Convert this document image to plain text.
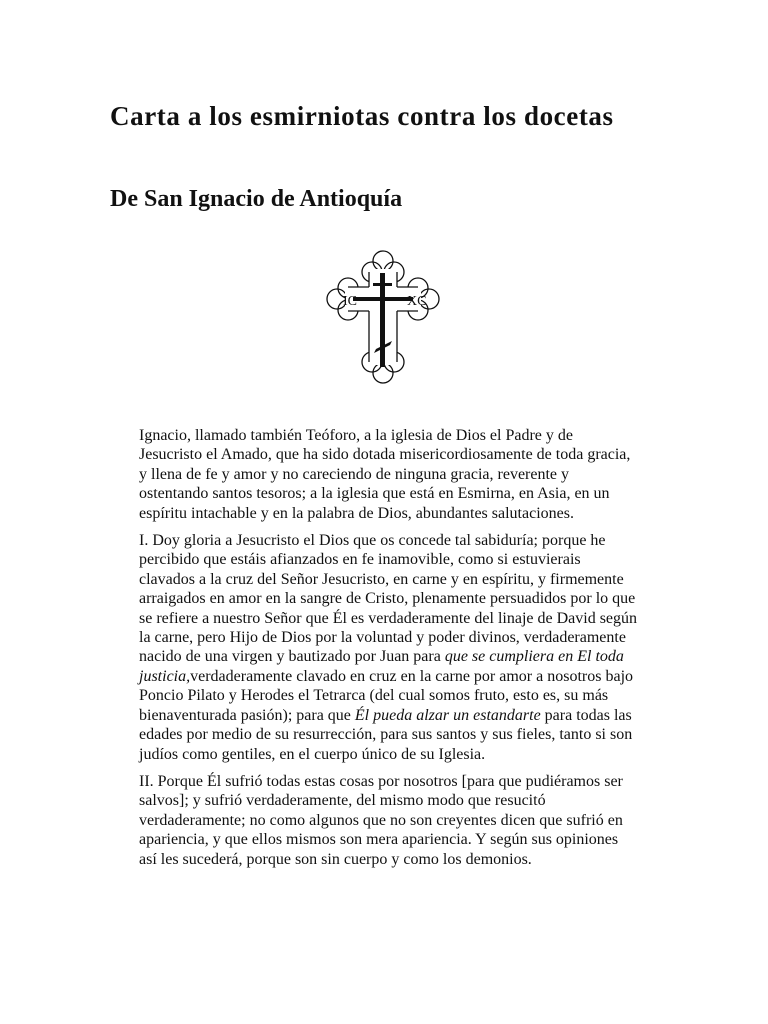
Carta a los esmirniotas contra los docetas
De San Ignacio de Antioquía
IC	XC

Ignacio, llamado también Teóforo, a la iglesia de Dios el Padre y de Jesucristo el Amado, que ha sido dotada misericordiosamente de toda gracia, y llena de fe y amor y no careciendo de ninguna gracia, reverente y ostentando santos tesoros; a la iglesia que está en Esmirna, en Asia, en un espíritu intachable y en la palabra de Dios, abundantes salutaciones.

I. Doy gloria a Jesucristo el Dios que os concede tal sabiduría; porque he percibido que estáis afianzados en fe inamovible, como si estuvierais clavados a la cruz del Señor Jesucristo, en carne y en espíritu, y firmemente arraigados en amor en la sangre de Cristo, plenamente persuadidos por lo que se refiere a nuestro Señor que Él es verdaderamente del linaje de David según la carne, pero Hijo de Dios por la voluntad y poder divinos, verdaderamente nacido de una virgen y bautizado por Juan para que se cumpliera en El toda justicia,verdaderamente clavado en cruz en la carne por amor a nosotros bajo Poncio Pilato y Herodes el Tetrarca (del cual somos fruto, esto es, su más bienaventurada pasión); para que Él pueda alzar un estandarte para todas las edades por medio de su resurrección, para sus santos y sus fieles, tanto si son judíos como gentiles, en el cuerpo único de su Iglesia.

II. Porque Él sufrió todas estas cosas por nosotros [para que pudiéramos ser salvos]; y sufrió verdaderamente, del mismo modo que resucitó verdaderamente; no como algunos que no son creyentes dicen que sufrió en apariencia, y que ellos mismos son mera apariencia. Y según sus opiniones así les sucederá, porque son sin cuerpo y como los demonios.
